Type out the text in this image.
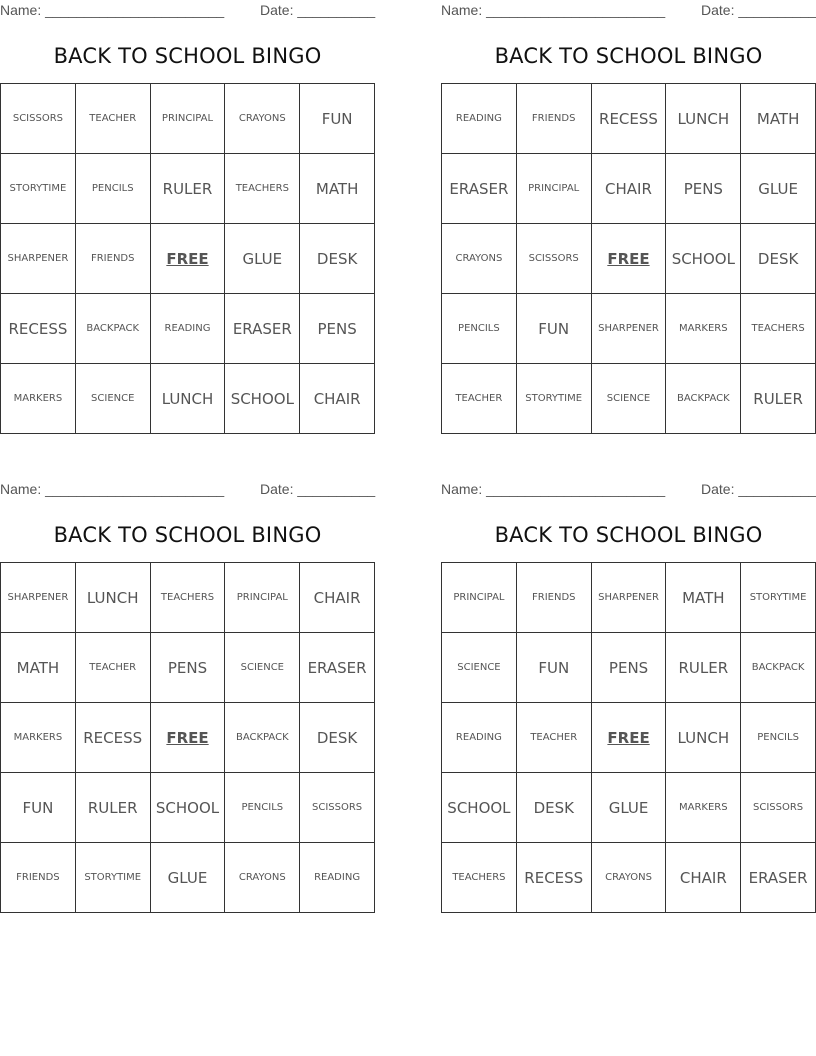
Name: _______________________	Date: __________
BACK TO SCHOOL BINGO
SCISSORS	TEACHER	PRINCIPAL	CRAYONS	FUN
STORYTIME	PENCILS	RULER	TEACHERS	MATH
SHARPENER	FRIENDS	FREE	GLUE	DESK
RECESS	BACKPACK	READING	ERASER	PENS
MARKERS	SCIENCE	LUNCH	SCHOOL	CHAIR
Name: _______________________	Date: __________
BACK TO SCHOOL BINGO
READING	FRIENDS	RECESS	LUNCH	MATH
ERASER	PRINCIPAL	CHAIR	PENS	GLUE
CRAYONS	SCISSORS	FREE	SCHOOL	DESK
PENCILS	FUN	SHARPENER	MARKERS	TEACHERS
TEACHER	STORYTIME	SCIENCE	BACKPACK	RULER
Name: _______________________	Date: __________
BACK TO SCHOOL BINGO
SHARPENER	LUNCH	TEACHERS	PRINCIPAL	CHAIR
MATH	TEACHER	PENS	SCIENCE	ERASER
MARKERS	RECESS	FREE	BACKPACK	DESK
FUN	RULER	SCHOOL	PENCILS	SCISSORS
FRIENDS	STORYTIME	GLUE	CRAYONS	READING
Name: _______________________	Date: __________
BACK TO SCHOOL BINGO
PRINCIPAL	FRIENDS	SHARPENER	MATH	STORYTIME
SCIENCE	FUN	PENS	RULER	BACKPACK
READING	TEACHER	FREE	LUNCH	PENCILS
SCHOOL	DESK	GLUE	MARKERS	SCISSORS
TEACHERS	RECESS	CRAYONS	CHAIR	ERASER
